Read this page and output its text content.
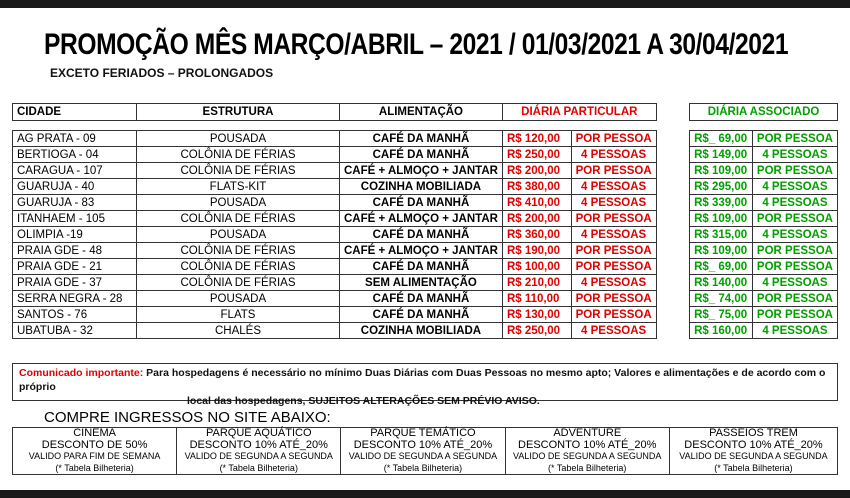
PROMOÇÃO MÊS MARÇO/ABRIL – 2021 / 01/03/2021 A 30/04/2021
EXCETO FERIADOS – PROLONGADOS
CIDADE	ESTRUTURA	ALIMENTAÇÃO	DIÁRIA PARTICULAR			DIÁRIA ASSOCIADO	

AG PRATA - 09	POUSADA	CAFÉ DA MANHÃ	R$ 120,00	POR PESSOA		R$_ 69,00	POR PESSOA
BERTIOGA - 04	COLÔNIA DE FÉRIAS	CAFÉ DA MANHÃ	R$ 250,00	4 PESSOAS		R$ 149,00	4 PESSOAS
CARAGUA - 107	COLÔNIA DE FÉRIAS	CAFÉ + ALMOÇO + JANTAR	R$ 200,00	POR PESSOA		R$ 109,00	POR PESSOA
GUARUJA - 40	FLATS-KIT	COZINHA MOBILIADA	R$ 380,00	4 PESSOAS		R$ 295,00	4 PESSOAS
GUARUJA - 83	POUSADA	CAFÉ DA MANHÃ	R$ 410,00	4 PESSOAS		R$ 339,00	4 PESSOAS
ITANHAEM - 105	COLÔNIA DE FÉRIAS	CAFÉ + ALMOÇO + JANTAR	R$ 200,00	POR PESSOA		R$ 109,00	POR PESSOA
OLIMPIA -19	POUSADA	CAFÉ DA MANHÃ	R$ 360,00	4 PESSOAS		R$ 315,00	4 PESSOAS
PRAIA GDE - 48	COLÔNIA DE FÉRIAS	CAFÉ + ALMOÇO + JANTAR	R$ 190,00	POR PESSOA		R$ 109,00	POR PESSOA
PRAIA GDE - 21	COLÔNIA DE FÉRIAS	CAFÉ DA MANHÃ	R$ 100,00	POR PESSOA		R$_ 69,00	POR PESSOA
PRAIA GDE - 37	COLÔNIA DE FÉRIAS	SEM ALIMENTAÇÃO	R$ 210,00	4 PESSOAS		R$ 140,00	4 PESSOAS
SERRA NEGRA - 28	POUSADA	CAFÉ DA MANHÃ	R$ 110,00	POR PESSOA		R$_ 74,00	POR PESSOA
SANTOS - 76	FLATS	CAFÉ DA MANHÃ	R$ 130,00	POR PESSOA		R$_ 75,00	POR PESSOA
UBATUBA - 32	CHALÉS	COZINHA MOBILIADA	R$ 250,00	4 PESSOAS		R$ 160,00	4 PESSOAS
Comunicado importante: Para hospedagens é necessário no mínimo Duas Diárias com Duas Pessoas no mesmo apto; Valores e alimentações e de acordo com o próprio
local das hospedagens, SUJEITOS ALTERAÇÕES SEM PRÉVIO AVISO.
COMPRE INGRESSOS NO SITE ABAIXO:
CINEMA
DESCONTO DE 50%
VALIDO PARA FIM DE SEMANA
(* Tabela Bilheteria)

PARQUE AQUÁTICO
DESCONTO 10% ATÉ_20%
VALIDO DE SEGUNDA A SEGUNDA
(* Tabela Bilheteria)

PARQUE TEMÁTICO
DESCONTO 10% ATÉ_20%
VALIDO DE SEGUNDA A SEGUNDA
(* Tabela Bilheteria)

ADVENTURE
DESCONTO 10% ATÉ_20%
VALIDO DE SEGUNDA A SEGUNDA
(* Tabela Bilheteria)

PASSEIOS TREM
DESCONTO 10% ATÉ_20%
VALIDO DE SEGUNDA A SEGUNDA
(* Tabela Bilheteria)
